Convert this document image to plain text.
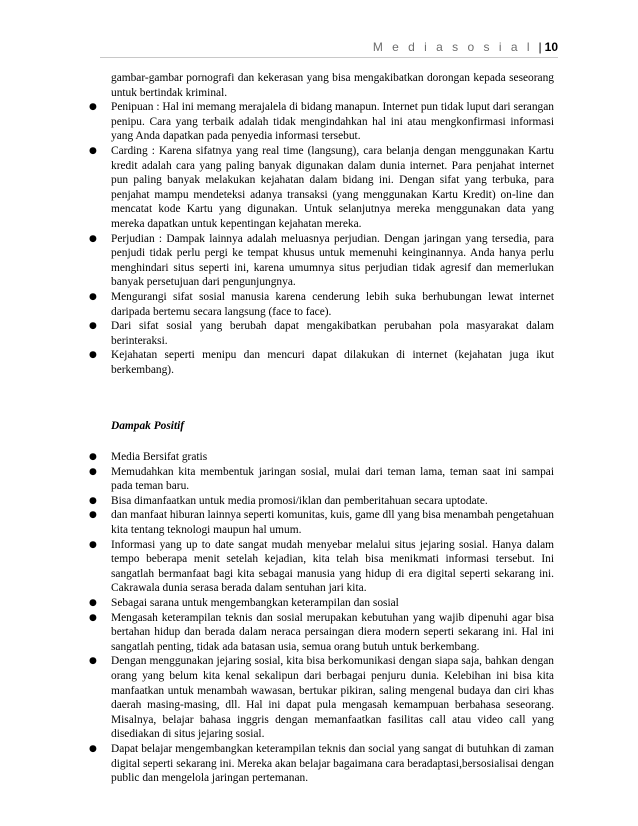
M e d i a s o s i a l | 10

gambar-gambar pornografi dan kekerasan yang bisa mengakibatkan dorongan kepada seseorang untuk bertindak kriminal.

● Penipuan : Hal ini memang merajalela di bidang manapun. Internet pun tidak luput dari serangan penipu. Cara yang terbaik adalah tidak mengindahkan hal ini atau mengkonfirmasi informasi yang Anda dapatkan pada penyedia informasi tersebut.
● Carding : Karena sifatnya yang real time (langsung), cara belanja dengan menggunakan Kartu kredit adalah cara yang paling banyak digunakan dalam dunia internet. Para penjahat internet pun paling banyak melakukan kejahatan dalam bidang ini. Dengan sifat yang terbuka, para penjahat mampu mendeteksi adanya transaksi (yang menggunakan Kartu Kredit) on-line dan mencatat kode Kartu yang digunakan. Untuk selanjutnya mereka menggunakan data yang mereka dapatkan untuk kepentingan kejahatan mereka.
● Perjudian : Dampak lainnya adalah meluasnya perjudian. Dengan jaringan yang tersedia, para penjudi tidak perlu pergi ke tempat khusus untuk memenuhi keinginannya. Anda hanya perlu menghindari situs seperti ini, karena umumnya situs perjudian tidak agresif dan memerlukan banyak persetujuan dari pengunjungnya.
● Mengurangi sifat sosial manusia karena cenderung lebih suka berhubungan lewat internet daripada bertemu secara langsung (face to face).
● Dari sifat sosial yang berubah dapat mengakibatkan perubahan pola masyarakat dalam berinteraksi.
● Kejahatan seperti menipu dan mencuri dapat dilakukan di internet (kejahatan juga ikut berkembang).

Dampak Positif

● Media Bersifat gratis
● Memudahkan kita membentuk jaringan sosial, mulai dari teman lama, teman saat ini sampai pada teman baru.
● Bisa dimanfaatkan untuk media promosi/iklan dan pemberitahuan secara uptodate.
● dan manfaat hiburan lainnya seperti komunitas, kuis, game dll yang bisa menambah pengetahuan kita tentang teknologi maupun hal umum.
● Informasi yang up to date sangat mudah menyebar melalui situs jejaring sosial. Hanya dalam tempo beberapa menit setelah kejadian, kita telah bisa menikmati informasi tersebut. Ini sangatlah bermanfaat bagi kita sebagai manusia yang hidup di era digital seperti sekarang ini. Cakrawala dunia serasa berada dalam sentuhan jari kita.
● Sebagai sarana untuk mengembangkan keterampilan dan sosial
● Mengasah keterampilan teknis dan sosial merupakan kebutuhan yang wajib dipenuhi agar bisa bertahan hidup dan berada dalam neraca persaingan diera modern seperti sekarang ini. Hal ini sangatlah penting, tidak ada batasan usia, semua orang butuh untuk berkembang.
● Dengan menggunakan jejaring sosial, kita bisa berkomunikasi dengan siapa saja, bahkan dengan orang yang belum kita kenal sekalipun dari berbagai penjuru dunia. Kelebihan ini bisa kita manfaatkan untuk menambah wawasan, bertukar pikiran, saling mengenal budaya dan ciri khas daerah masing-masing, dll. Hal ini dapat pula mengasah kemampuan berbahasa seseorang. Misalnya, belajar bahasa inggris dengan memanfaatkan fasilitas call atau video call yang disediakan di situs jejaring sosial.
● Dapat belajar mengembangkan keterampilan teknis dan social yang sangat di butuhkan di zaman digital seperti sekarang ini. Mereka akan belajar bagaimana cara beradaptasi,bersosialisai dengan public dan mengelola jaringan pertemanan.
